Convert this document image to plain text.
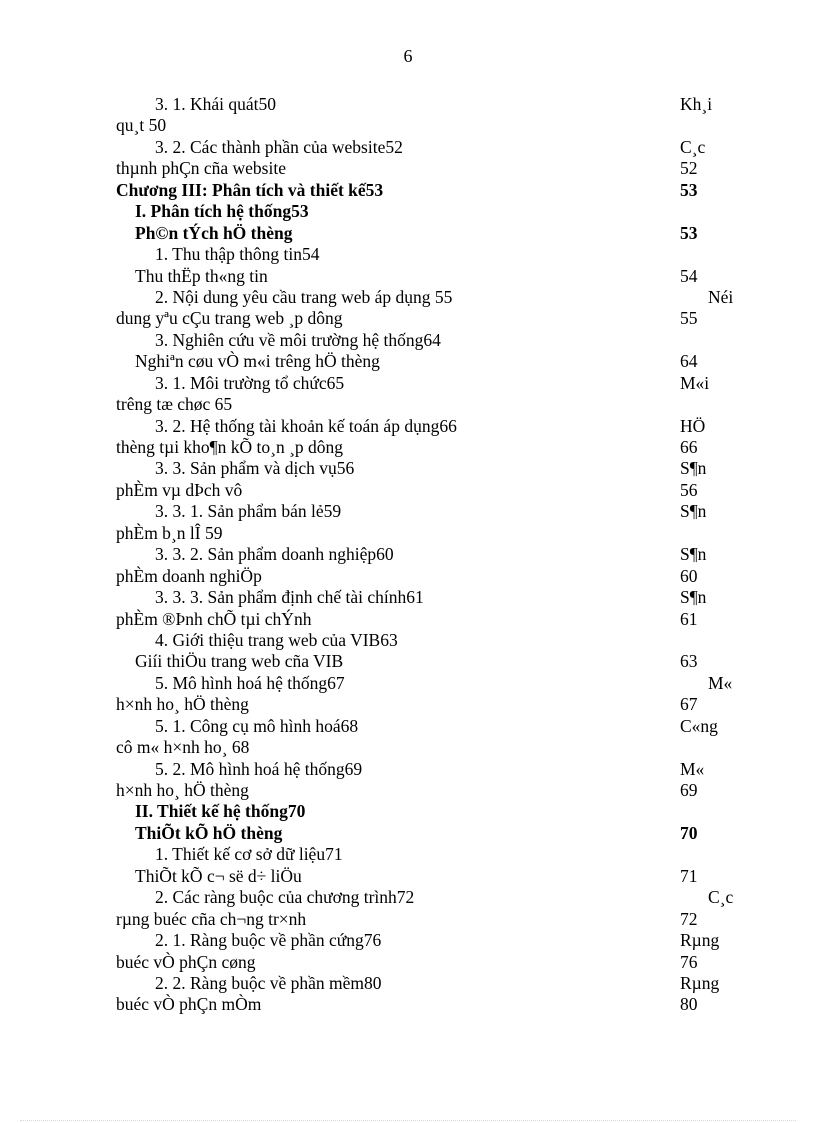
6
3. 1. Khái quát50	Kh¸i
qu¸t 50
3. 2. Các thành phần của website52	C¸c
thµnh phÇn cña website	52
Chương III: Phân tích và thiết kế53	53
I. Phân tích hệ thống53
Ph©n tÝch hÖ thèng	53
1. Thu thập thông tin54
Thu thËp th«ng tin	54
2. Nội dung yêu cầu trang web áp dụng 55	Néi
dung yªu cÇu trang web ¸p dông	55
3. Nghiên cứu về môi trường hệ thống64
Nghiªn cøu vÒ m«i trêng hÖ thèng	64
3. 1. Môi trường tổ chức65	M«i
trêng tæ chøc 65
3. 2. Hệ thống tài khoản kế toán áp dụng66	HÖ
thèng tµi kho¶n kÕ to¸n ¸p dông	66
3. 3. Sản phẩm và dịch vụ56	S¶n
phÈm vµ dÞch vô	56
3. 3. 1. Sản phẩm bán lẻ59	S¶n
phÈm b¸n lÎ 59
3. 3. 2. Sản phẩm doanh nghiệp60	S¶n
phÈm doanh nghiÖp	60
3. 3. 3. Sản phẩm định chế tài chính61	S¶n
phÈm ®Þnh chÕ tµi chÝnh	61
4. Giới thiệu trang web của VIB63
Giíi thiÖu trang web cña VIB	63
5. Mô hình hoá hệ thống67	M«
h×nh ho¸ hÖ thèng	67
5. 1. Công cụ mô hình hoá68	C«ng
cô m« h×nh ho¸ 68
5. 2. Mô hình hoá hệ thống69	M«
h×nh ho¸ hÖ thèng	69
II. Thiết kế hệ thống70
ThiÕt kÕ hÖ thèng	70
1. Thiết kế cơ sở dữ liệu71
ThiÕt kÕ c¬ së d÷ liÖu	71
2. Các ràng buộc của chương trình72	C¸c
rµng buéc cña ch¬ng tr×nh	72
2. 1. Ràng buộc về phần cứng76	Rµng
buéc vÒ phÇn cøng	76
2. 2. Ràng buộc về phần mềm80	Rµng
buéc vÒ phÇn mÒm	80
